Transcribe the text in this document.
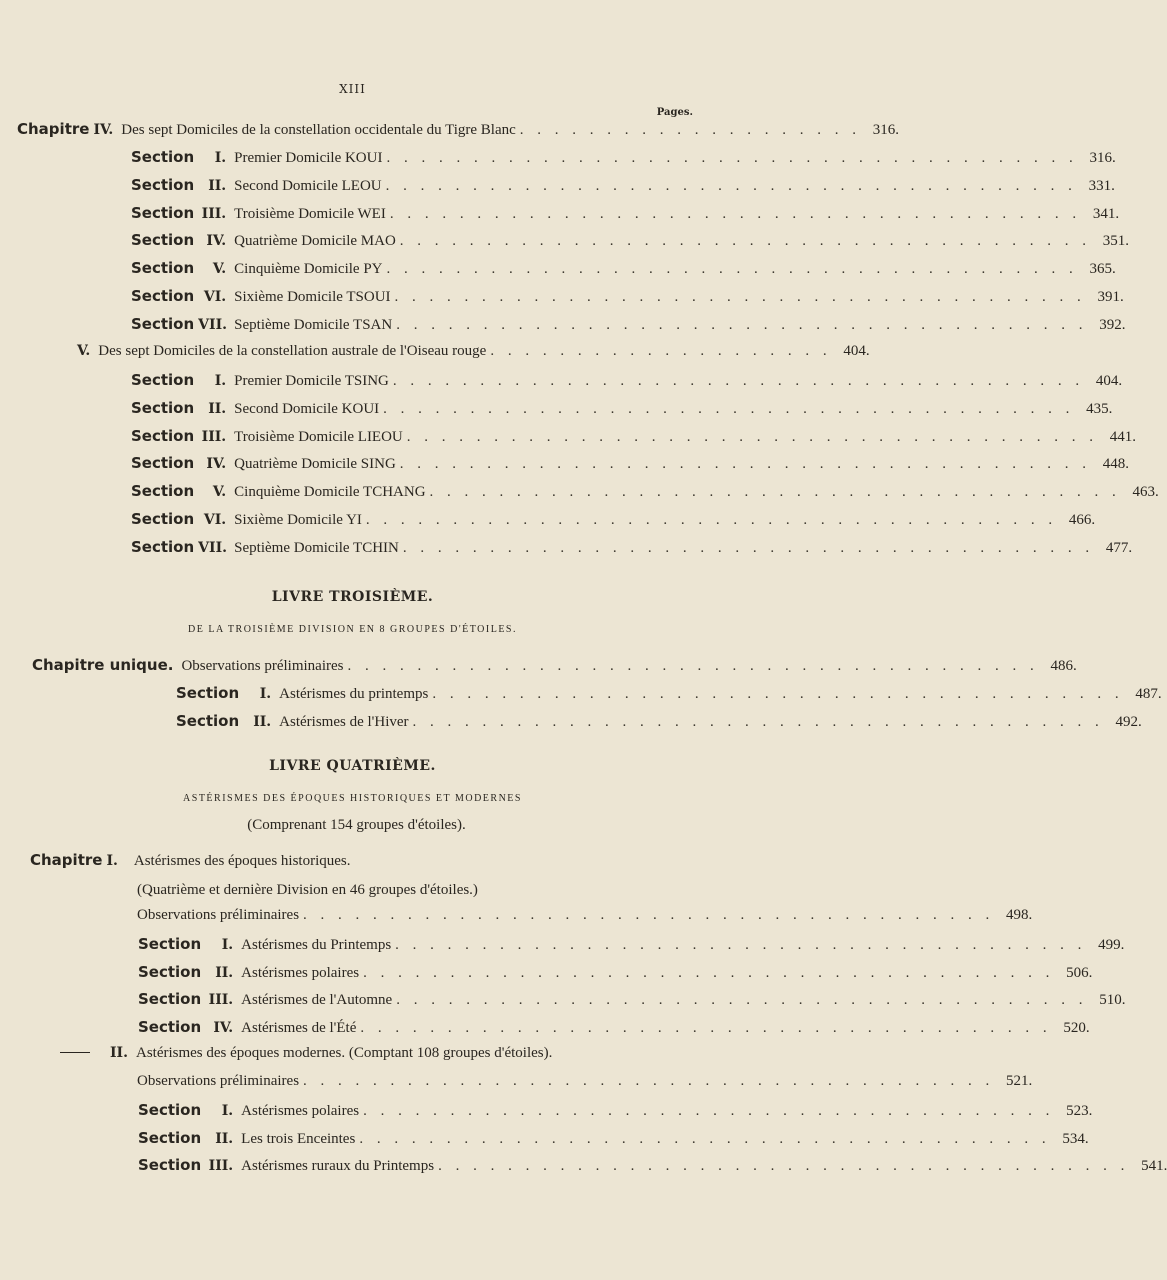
XIII
Pages.
Chapitre IV. Des sept Domiciles de la constellation occidentale du Tigre Blanc . . . . . . . . . . . . . . . . . . . . 316.
Section	I. Premier Domicile KOUI . . . . . . . . . . . . . . . . . . . . . . . . . . . . . . . . . . . . . . . . 316.
Section	II. Second Domicile LEOU . . . . . . . . . . . . . . . . . . . . . . . . . . . . . . . . . . . . . . . . 331.
Section III. Troisième Domicile WEI . . . . . . . . . . . . . . . . . . . . . . . . . . . . . . . . . . . . . . . . 341.
Section IV. Quatrième Domicile MAO . . . . . . . . . . . . . . . . . . . . . . . . . . . . . . . . . . . . . . . . 351.
Section	V. Cinquième Domicile PY . . . . . . . . . . . . . . . . . . . . . . . . . . . . . . . . . . . . . . . . 365.
Section VI. Sixième Domicile TSOUI . . . . . . . . . . . . . . . . . . . . . . . . . . . . . . . . . . . . . . . . 391.
Section VII. Septième Domicile TSAN . . . . . . . . . . . . . . . . . . . . . . . . . . . . . . . . . . . . . . . . 392.
V. Des sept Domiciles de la constellation australe de l'Oiseau rouge . . . . . . . . . . . . . . . . . . . . 404.
Section	I. Premier Domicile TSING . . . . . . . . . . . . . . . . . . . . . . . . . . . . . . . . . . . . . . . . 404.
Section	II. Second Domicile KOUI . . . . . . . . . . . . . . . . . . . . . . . . . . . . . . . . . . . . . . . . 435.
Section III. Troisième Domicile LIEOU . . . . . . . . . . . . . . . . . . . . . . . . . . . . . . . . . . . . . . . . 441.
Section IV. Quatrième Domicile SING . . . . . . . . . . . . . . . . . . . . . . . . . . . . . . . . . . . . . . . . 448.
Section	V. Cinquième Domicile TCHANG . . . . . . . . . . . . . . . . . . . . . . . . . . . . . . . . . . . . . . . . 463.
Section VI. Sixième Domicile YI . . . . . . . . . . . . . . . . . . . . . . . . . . . . . . . . . . . . . . . . 466.
Section VII. Septième Domicile TCHIN . . . . . . . . . . . . . . . . . . . . . . . . . . . . . . . . . . . . . . . . 477.
LIVRE TROISIÈME.
DE LA TROISIÈME DIVISION EN 8 GROUPES D'ÉTOILES.
Chapitre unique. Observations préliminaires . . . . . . . . . . . . . . . . . . . . . . . . . . . . . . . . . . . . . . . . 486.
Section	I. Astérismes du printemps . . . . . . . . . . . . . . . . . . . . . . . . . . . . . . . . . . . . . . . . 487.
Section	II. Astérismes de l'Hiver . . . . . . . . . . . . . . . . . . . . . . . . . . . . . . . . . . . . . . . . 492.
LIVRE QUATRIÈME.
ASTÉRISMES DES ÉPOQUES HISTORIQUES ET MODERNES
(Comprenant 154 groupes d'étoiles).
Chapitre I. Astérismes des époques historiques.
(Quatrième et dernière Division en 46 groupes d'étoiles.)
Observations préliminaires . . . . . . . . . . . . . . . . . . . . . . . . . . . . . . . . . . . . . . . . 498.
Section	I. Astérismes du Printemps . . . . . . . . . . . . . . . . . . . . . . . . . . . . . . . . . . . . . . . . 499.
Section	II. Astérismes polaires . . . . . . . . . . . . . . . . . . . . . . . . . . . . . . . . . . . . . . . . 506.
Section III. Astérismes de l'Automne . . . . . . . . . . . . . . . . . . . . . . . . . . . . . . . . . . . . . . . . 510.
Section IV. Astérismes de l'Été . . . . . . . . . . . . . . . . . . . . . . . . . . . . . . . . . . . . . . . . 520.
II. Astérismes des époques modernes. (Comptant 108 groupes d'étoiles).
Observations préliminaires . . . . . . . . . . . . . . . . . . . . . . . . . . . . . . . . . . . . . . . . 521.
Section	I. Astérismes polaires . . . . . . . . . . . . . . . . . . . . . . . . . . . . . . . . . . . . . . . . 523.
Section	II. Les trois Enceintes . . . . . . . . . . . . . . . . . . . . . . . . . . . . . . . . . . . . . . . . 534.
Section III. Astérismes ruraux du Printemps . . . . . . . . . . . . . . . . . . . . . . . . . . . . . . . . . . . . . . . . 541.
